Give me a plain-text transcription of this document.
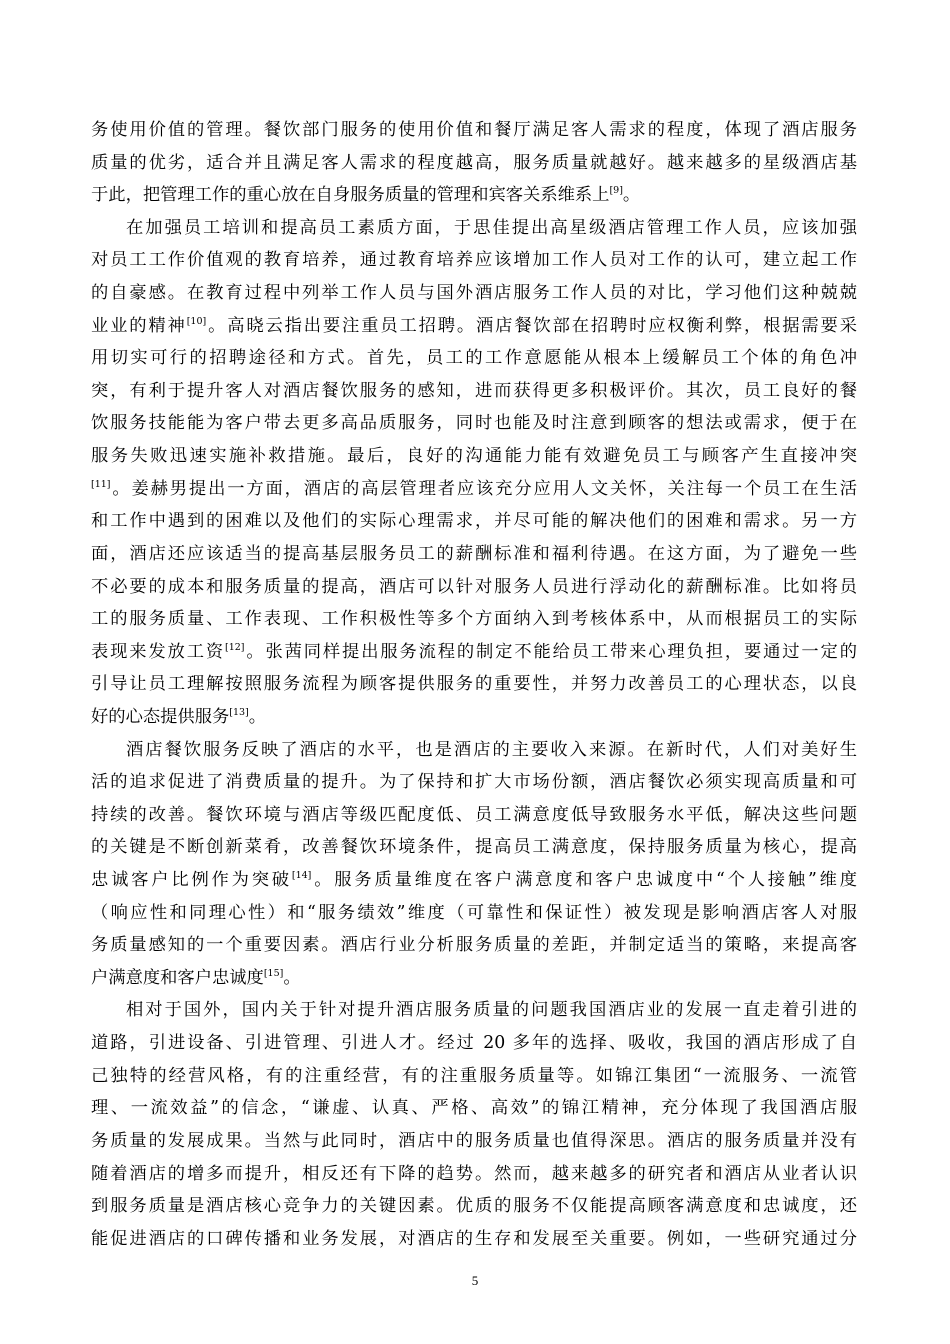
务使用价值的管理。餐饮部门服务的使用价值和餐厅满足客人需求的程度，体现了酒店服务
质量的优劣，适合并且满足客人需求的程度越高，服务质量就越好。越来越多的星级酒店基
于此，把管理工作的重心放在自身服务质量的管理和宾客关系维系上[9]。
在加强员工培训和提高员工素质方面，于思佳提出高星级酒店管理工作人员，应该加强
对员工工作价值观的教育培养，通过教育培养应该增加工作人员对工作的认可，建立起工作
的自豪感。在教育过程中列举工作人员与国外酒店服务工作人员的对比，学习他们这种兢兢
业业的精神[10]。高晓云指出要注重员工招聘。酒店餐饮部在招聘时应权衡利弊，根据需要采
用切实可行的招聘途径和方式。首先，员工的工作意愿能从根本上缓解员工个体的角色冲
突，有利于提升客人对酒店餐饮服务的感知，进而获得更多积极评价。其次，员工良好的餐
饮服务技能能为客户带去更多高品质服务，同时也能及时注意到顾客的想法或需求，便于在
服务失败迅速实施补救措施。最后，良好的沟通能力能有效避免员工与顾客产生直接冲突
[11]。姜赫男提出一方面，酒店的高层管理者应该充分应用人文关怀，关注每一个员工在生活
和工作中遇到的困难以及他们的实际心理需求，并尽可能的解决他们的困难和需求。另一方
面，酒店还应该适当的提高基层服务员工的薪酬标准和福利待遇。在这方面，为了避免一些
不必要的成本和服务质量的提高，酒店可以针对服务人员进行浮动化的薪酬标准。比如将员
工的服务质量、工作表现、工作积极性等多个方面纳入到考核体系中，从而根据员工的实际
表现来发放工资[12]。张茜同样提出服务流程的制定不能给员工带来心理负担，要通过一定的
引导让员工理解按照服务流程为顾客提供服务的重要性，并努力改善员工的心理状态，以良
好的心态提供服务[13]。
酒店餐饮服务反映了酒店的水平，也是酒店的主要收入来源。在新时代，人们对美好生
活的追求促进了消费质量的提升。为了保持和扩大市场份额，酒店餐饮必须实现高质量和可
持续的改善。餐饮环境与酒店等级匹配度低、员工满意度低导致服务水平低，解决这些问题
的关键是不断创新菜肴，改善餐饮环境条件，提高员工满意度，保持服务质量为核心，提高
忠诚客户比例作为突破[14]。服务质量维度在客户满意度和客户忠诚度中“个人接触”维度
（响应性和同理心性）和“服务绩效”维度（可靠性和保证性）被发现是影响酒店客人对服
务质量感知的一个重要因素。酒店行业分析服务质量的差距，并制定适当的策略，来提高客
户满意度和客户忠诚度[15]。
相对于国外，国内关于针对提升酒店服务质量的问题我国酒店业的发展一直走着引进的
道路，引进设备、引进管理、引进人才。经过 20 多年的选择、吸收，我国的酒店形成了自
己独特的经营风格，有的注重经营，有的注重服务质量等。如锦江集团“一流服务、一流管
理、一流效益”的信念，“谦虚、认真、严格、高效”的锦江精神，充分体现了我国酒店服
务质量的发展成果。当然与此同时，酒店中的服务质量也值得深思。酒店的服务质量并没有
随着酒店的增多而提升，相反还有下降的趋势。然而，越来越多的研究者和酒店从业者认识
到服务质量是酒店核心竞争力的关键因素。优质的服务不仅能提高顾客满意度和忠诚度，还
能促进酒店的口碑传播和业务发展，对酒店的生存和发展至关重要。例如，一些研究通过分
5
